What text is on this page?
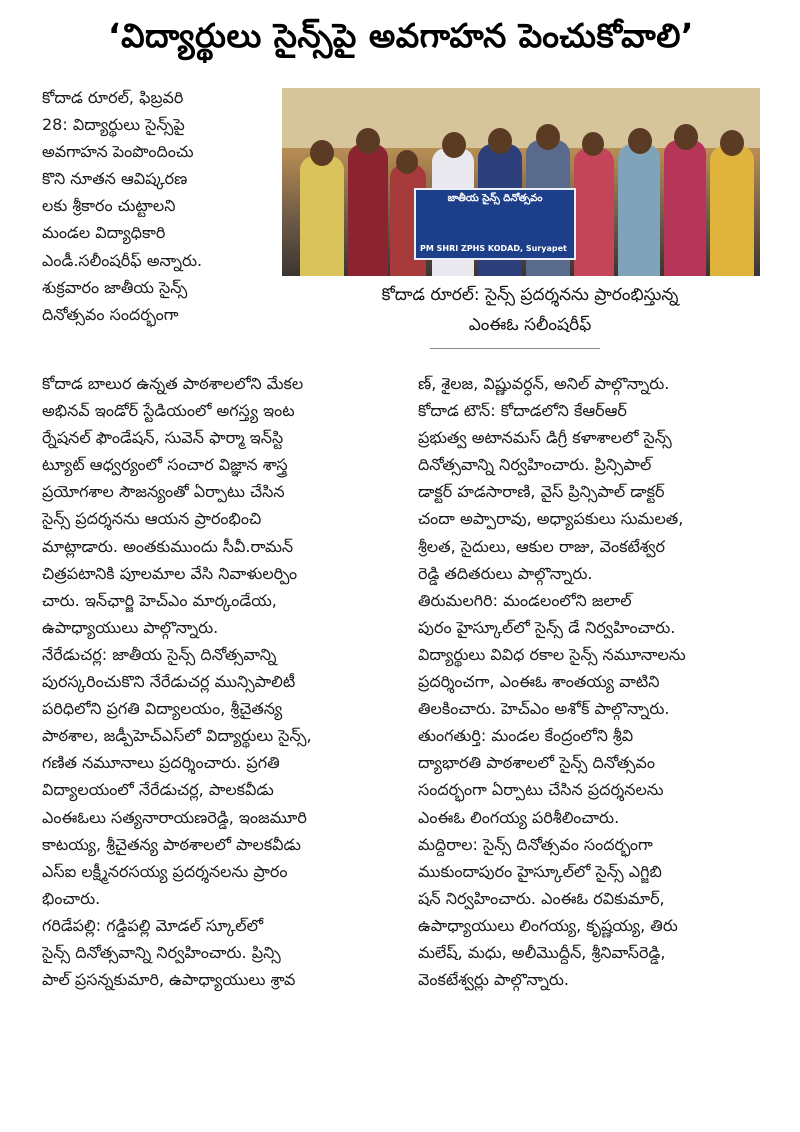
‘విద్యార్థులు సైన్స్‌పై అవగాహన పెంచుకోవాలి’
కోదాడ రూరల్‌, ఫిబ్రవరి
28: విద్యార్థులు సైన్స్‌పై
అవగాహన పెంపొందించు
కొని నూతన ఆవిష్కరణ
లకు శ్రీకారం చుట్టాలని
మండల విద్యాధికారి
ఎండీ.సలీంషరీఫ్‌ అన్నారు.
శుక్రవారం జాతీయ సైన్స్‌
దినోత్సవం సందర్భంగా
జాతీయ సైన్స్ దినోత్సవం
PM SHRI ZPHS KODAD, Suryapet
కోదాడ రూరల్‌: సైన్స్‌ ప్రదర్శనను ప్రారంభిస్తున్న
ఎంఈఓ సలీంషరీఫ్‌
కోదాడ బాలుర ఉన్నత పాఠశాలలోని మేకల
అభినవ్‌ ఇండోర్‌ స్టేడియంలో అగస్త్య ఇంట
ర్నేషనల్‌ ఫౌండేషన్‌, సువెన్‌ ఫార్మా ఇన్‌స్టి
ట్యూట్‌ ఆధ్వర్యంలో సంచార విజ్ఞాన శాస్త్ర
ప్రయోగశాల సౌజన్యంతో ఏర్పాటు చేసిన
సైన్స్‌ ప్రదర్శనను ఆయన ప్రారంభించి
మాట్లాడారు. అంతకుముందు సీవీ.రామన్‌
చిత్రపటానికి పూలమాల వేసి నివాళులర్పిం
చారు. ఇన్‌ఛార్జి హెచ్‌ఎం మార్కండేయ,
ఉపాధ్యాయులు పాల్గొన్నారు.
నేరేడుచర్ల: జాతీయ సైన్స్‌ దినోత్సవాన్ని
పురస్కరించుకొని నేరేడుచర్ల మున్సిపాలిటీ
పరిధిలోని ప్రగతి విద్యాలయం, శ్రీచైతన్య
పాఠశాల, జడ్పీహెచ్‌ఎస్‌లో విద్యార్థులు సైన్స్‌,
గణిత నమూనాలు ప్రదర్శించారు. ప్రగతి
విద్యాలయంలో నేరేడుచర్ల, పాలకవీడు
ఎంఈఓలు సత్యనారాయణరెడ్డి, ఇంజమూరి
కాటయ్య, శ్రీచైతన్య పాఠశాలలో పాలకవీడు
ఎస్‌ఐ లక్ష్మీనరసయ్య ప్రదర్శనలను ప్రారం
భించారు.
గరిడేపల్లి: గడ్డిపల్లి మోడల్‌ స్కూల్‌లో
సైన్స్‌ దినోత్సవాన్ని నిర్వహించారు. ప్రిన్సి
పాల్‌ ప్రసన్నకుమారి, ఉపాధ్యాయులు శ్రావ
ణ్‌, శైలజ, విష్ణువర్ధన్‌, అనిల్‌ పాల్గొన్నారు.
కోదాడ టౌన్‌: కోదాడలోని కేఆర్‌ఆర్‌
ప్రభుత్వ అటానమస్‌ డిగ్రీ కళాశాలలో సైన్స్‌
దినోత్సవాన్ని నిర్వహించారు. ప్రిన్సిపాల్‌
డాక్టర్‌ హడసారాణి, వైస్‌ ప్రిన్సిపాల్‌ డాక్టర్‌
చందా అప్పారావు, అధ్యాపకులు సుమలత,
శ్రీలత, సైదులు, ఆకుల రాజు, వెంకటేశ్వర
రెడ్డి తదితరులు పాల్గొన్నారు.
తిరుమలగిరి: మండలంలోని జలాల్‌
పురం హైస్కూల్‌లో సైన్స్‌ డే నిర్వహించారు.
విద్యార్థులు వివిధ రకాల సైన్స్‌ నమూనాలను
ప్రదర్శించగా, ఎంఈఓ శాంతయ్య వాటిని
తిలకించారు. హెచ్‌ఎం అశోక్‌ పాల్గొన్నారు.
తుంగతుర్తి: మండల కేంద్రంలోని శ్రీవి
ద్యాభారతి పాఠశాలలో సైన్స్‌ దినోత్సవం
సందర్భంగా ఏర్పాటు చేసిన ప్రదర్శనలను
ఎంఈఓ లింగయ్య పరిశీలించారు.
మద్దిరాల: సైన్స్‌ దినోత్సవం సందర్భంగా
ముకుందాపురం హైస్కూల్‌లో సైన్స్‌ ఎగ్జిబి
షన్‌ నిర్వహించారు. ఎంఈఓ రవికుమార్‌,
ఉపాధ్యాయులు లింగయ్య, కృష్ణయ్య, తిరు
మలేష్‌, మధు, అలీమొద్దీన్‌, శ్రీనివాస్‌రెడ్డి,
వెంకటేశ్వర్లు పాల్గొన్నారు.
